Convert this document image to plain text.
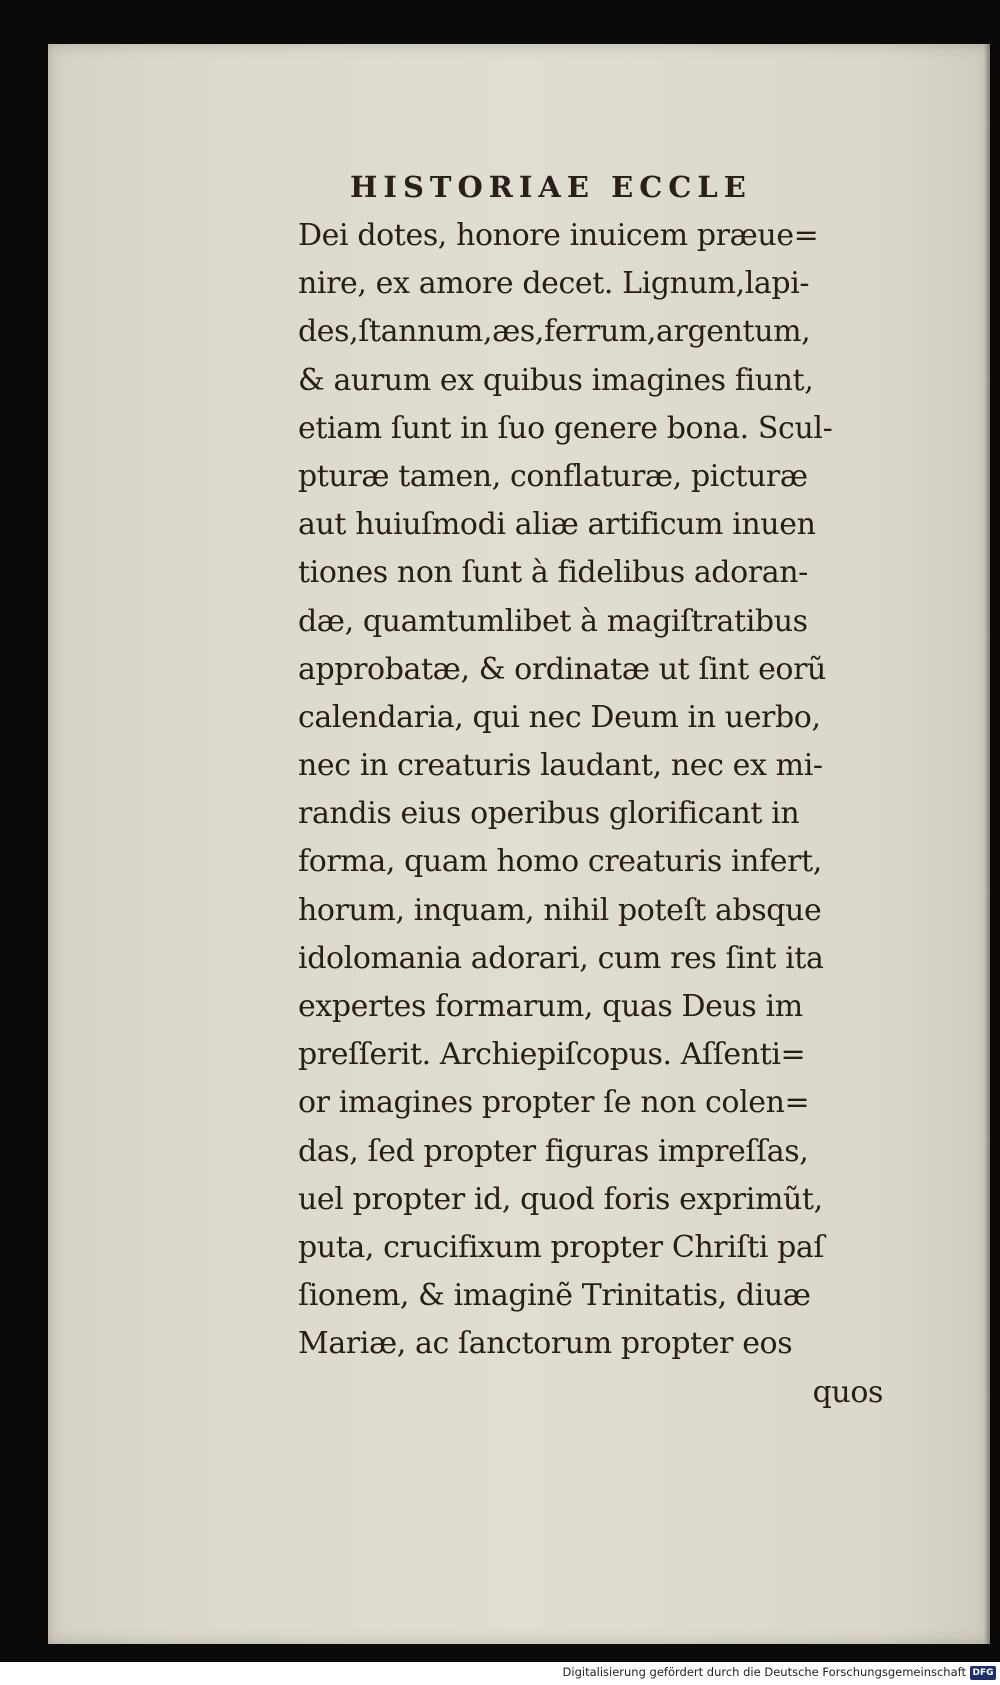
HISTORIAE ECCLE
Dei dotes, honore inuicem præue=
nire, ex amore decet. Lignum,lapi-
des,ſtannum,æs,ferrum,argentum,
& aurum ex quibus imagines fiunt,
etiam ſunt in ſuo genere bona. Scul-
pturæ tamen, conflaturæ, picturæ
aut huiuſmodi aliæ artificum inuen
tiones non ſunt à fidelibus adoran-
dæ, quamtumlibet à magiſtratibus
approbatæ, & ordinatæ ut ſint eorũ
calendaria, qui nec Deum in uerbo,
nec in creaturis laudant, nec ex mi-
randis eius operibus glorificant in
forma, quam homo creaturis infert,
horum, inquam, nihil poteſt absque
idolomania adorari, cum res ſint ita
expertes formarum, quas Deus im
preſſerit. Archiepiſcopus. Aſſenti=
or imagines propter ſe non colen=
das, ſed propter figuras impreſſas,
uel propter id, quod foris exprimũt,
puta, crucifixum propter Chriſti paſ
ſionem, & imaginẽ Trinitatis, diuæ
Mariæ, ac ſanctorum propter eos
quos
Digitalisierung gefördert durch die Deutsche Forschungsgemeinschaft DFG
